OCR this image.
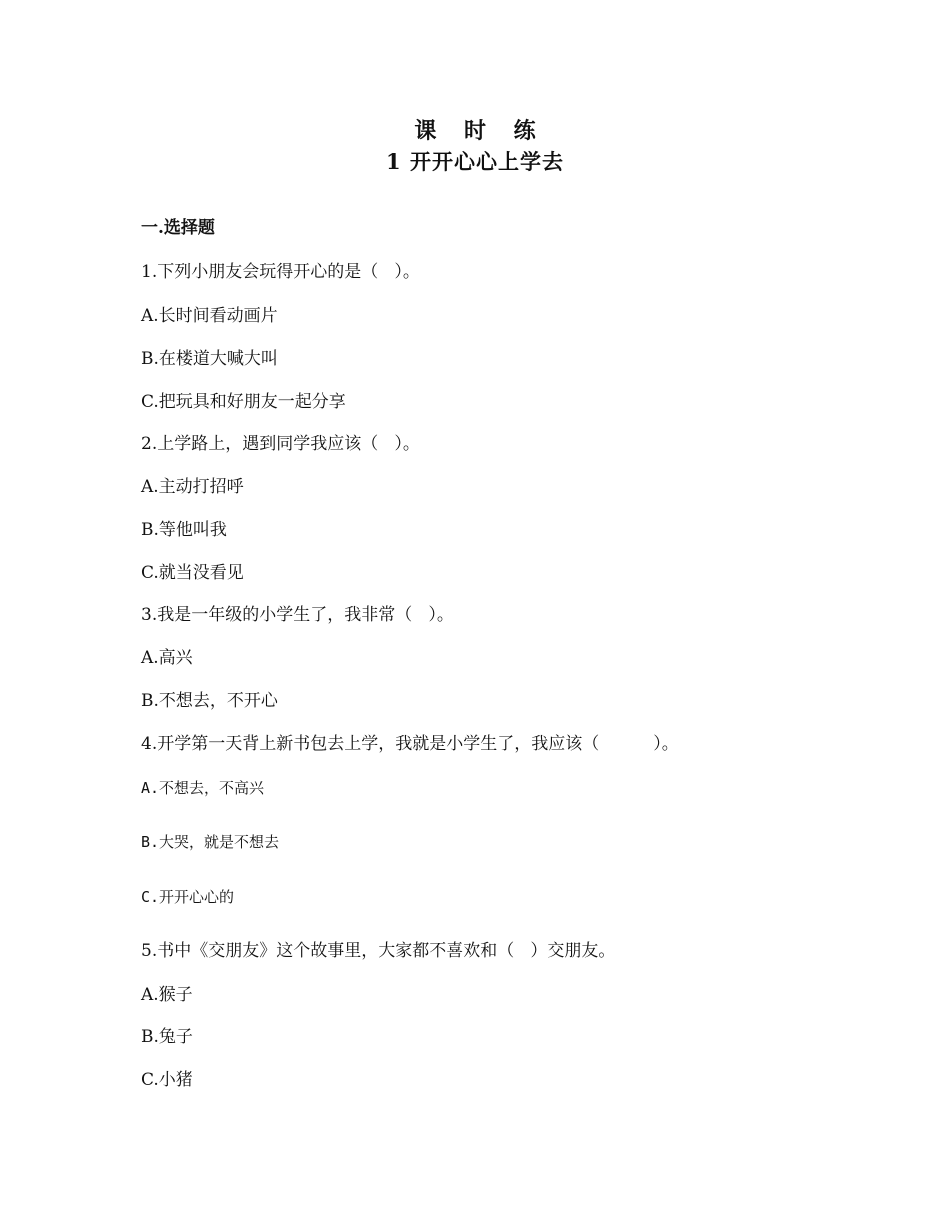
课 时 练
1 开开心心上学去
一.选择题
1.下列小朋友会玩得开心的是（   ）。
A.长时间看动画片
B.在楼道大喊大叫
C.把玩具和好朋友一起分享
2.上学路上，遇到同学我应该（   ）。
A.主动打招呼
B.等他叫我
C.就当没看见
3.我是一年级的小学生了，我非常（   ）。
A.高兴
B.不想去，不开心
4.开学第一天背上新书包去上学，我就是小学生了，我应该（          ）。
A.不想去，不高兴
B.大哭，就是不想去
C.开开心心的
5.书中《交朋友》这个故事里，大家都不喜欢和（   ）交朋友。
A.猴子
B.兔子
C.小猪
